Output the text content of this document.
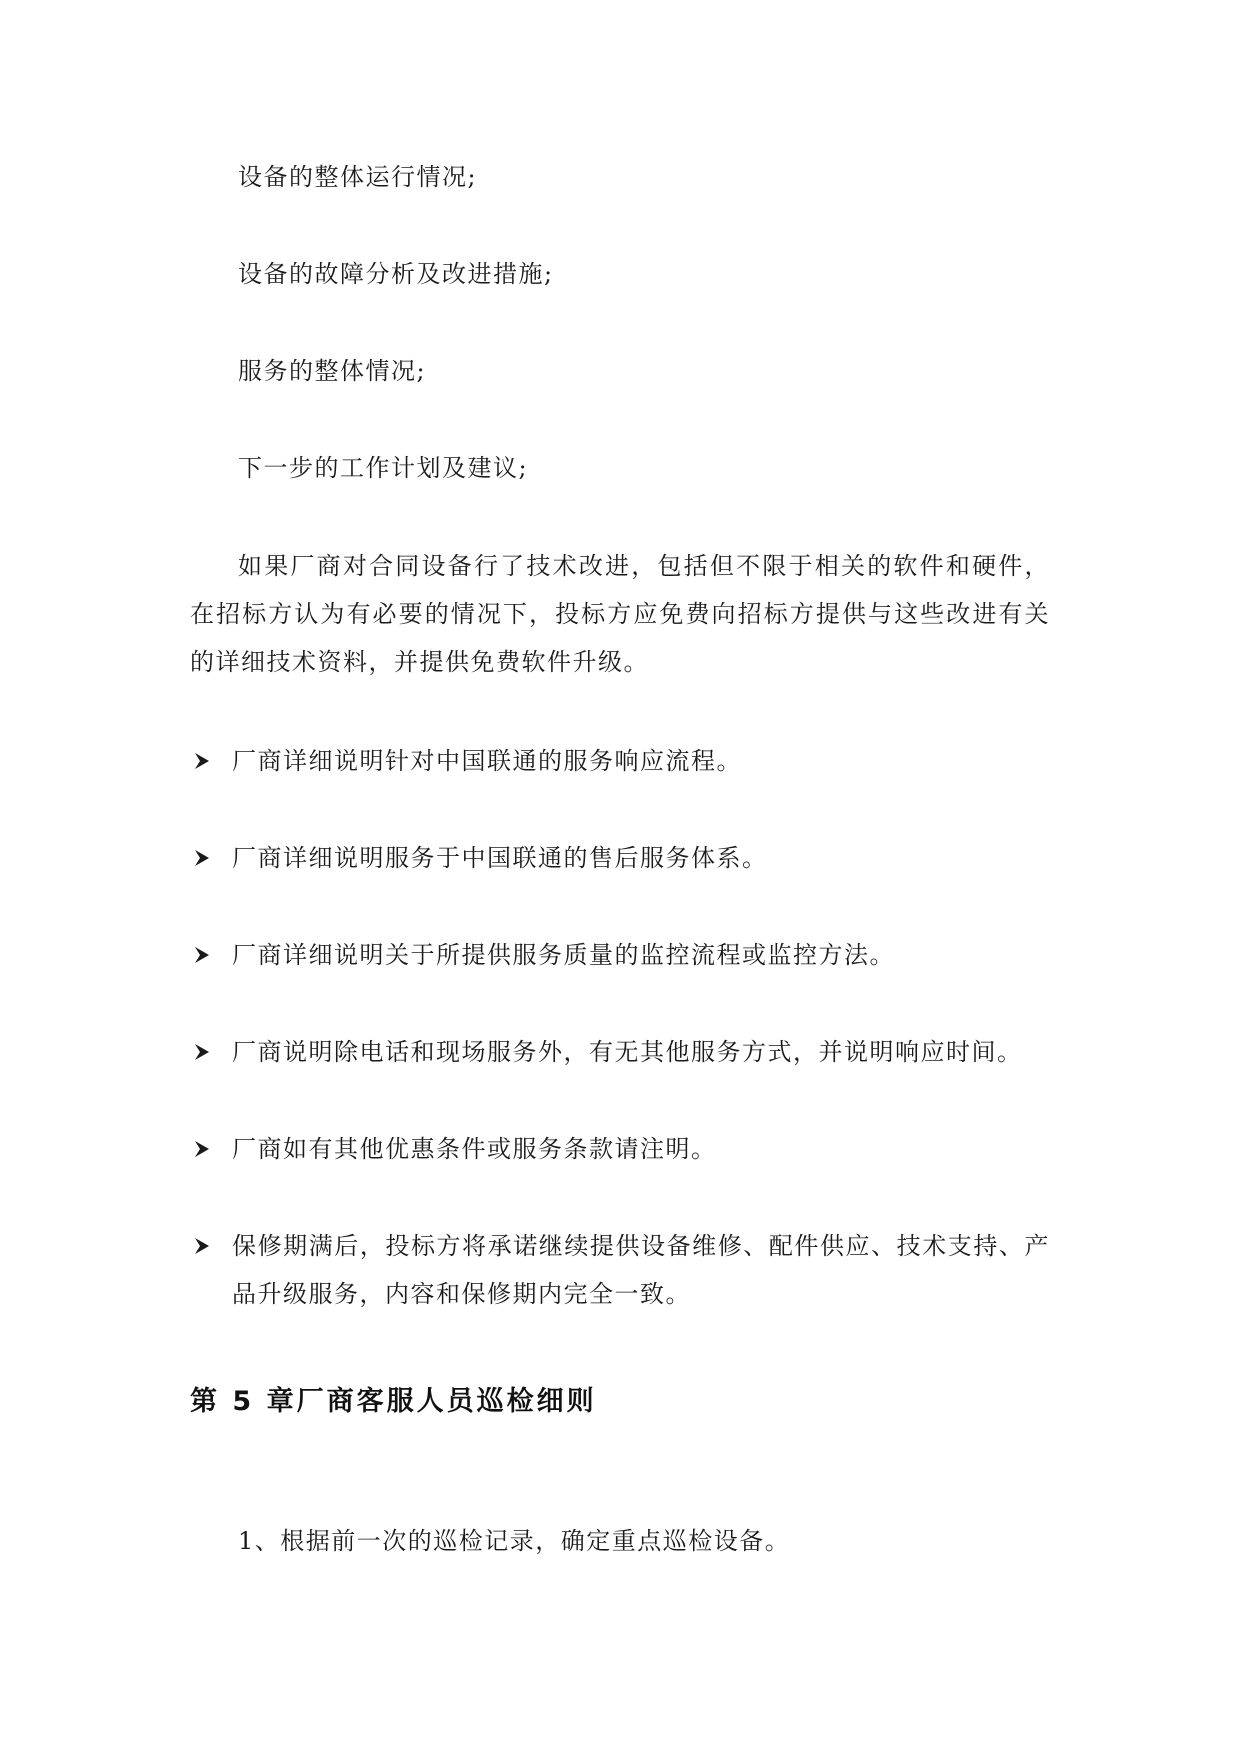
设备的整体运行情况;
设备的故障分析及改进措施;
服务的整体情况;
下一步的工作计划及建议;
如果厂商对合同设备行了技术改进，包括但不限于相关的软件和硬件，在招标方认为有必要的情况下，投标方应免费向招标方提供与这些改进有关的详细技术资料，并提供免费软件升级。
厂商详细说明针对中国联通的服务响应流程。
厂商详细说明服务于中国联通的售后服务体系。
厂商详细说明关于所提供服务质量的监控流程或监控方法。
厂商说明除电话和现场服务外，有无其他服务方式，并说明响应时间。
厂商如有其他优惠条件或服务条款请注明。
保修期满后，投标方将承诺继续提供设备维修、配件供应、技术支持、产品升级服务，内容和保修期内完全一致。
第 5 章厂商客服人员巡检细则
1、根据前一次的巡检记录，确定重点巡检设备。
